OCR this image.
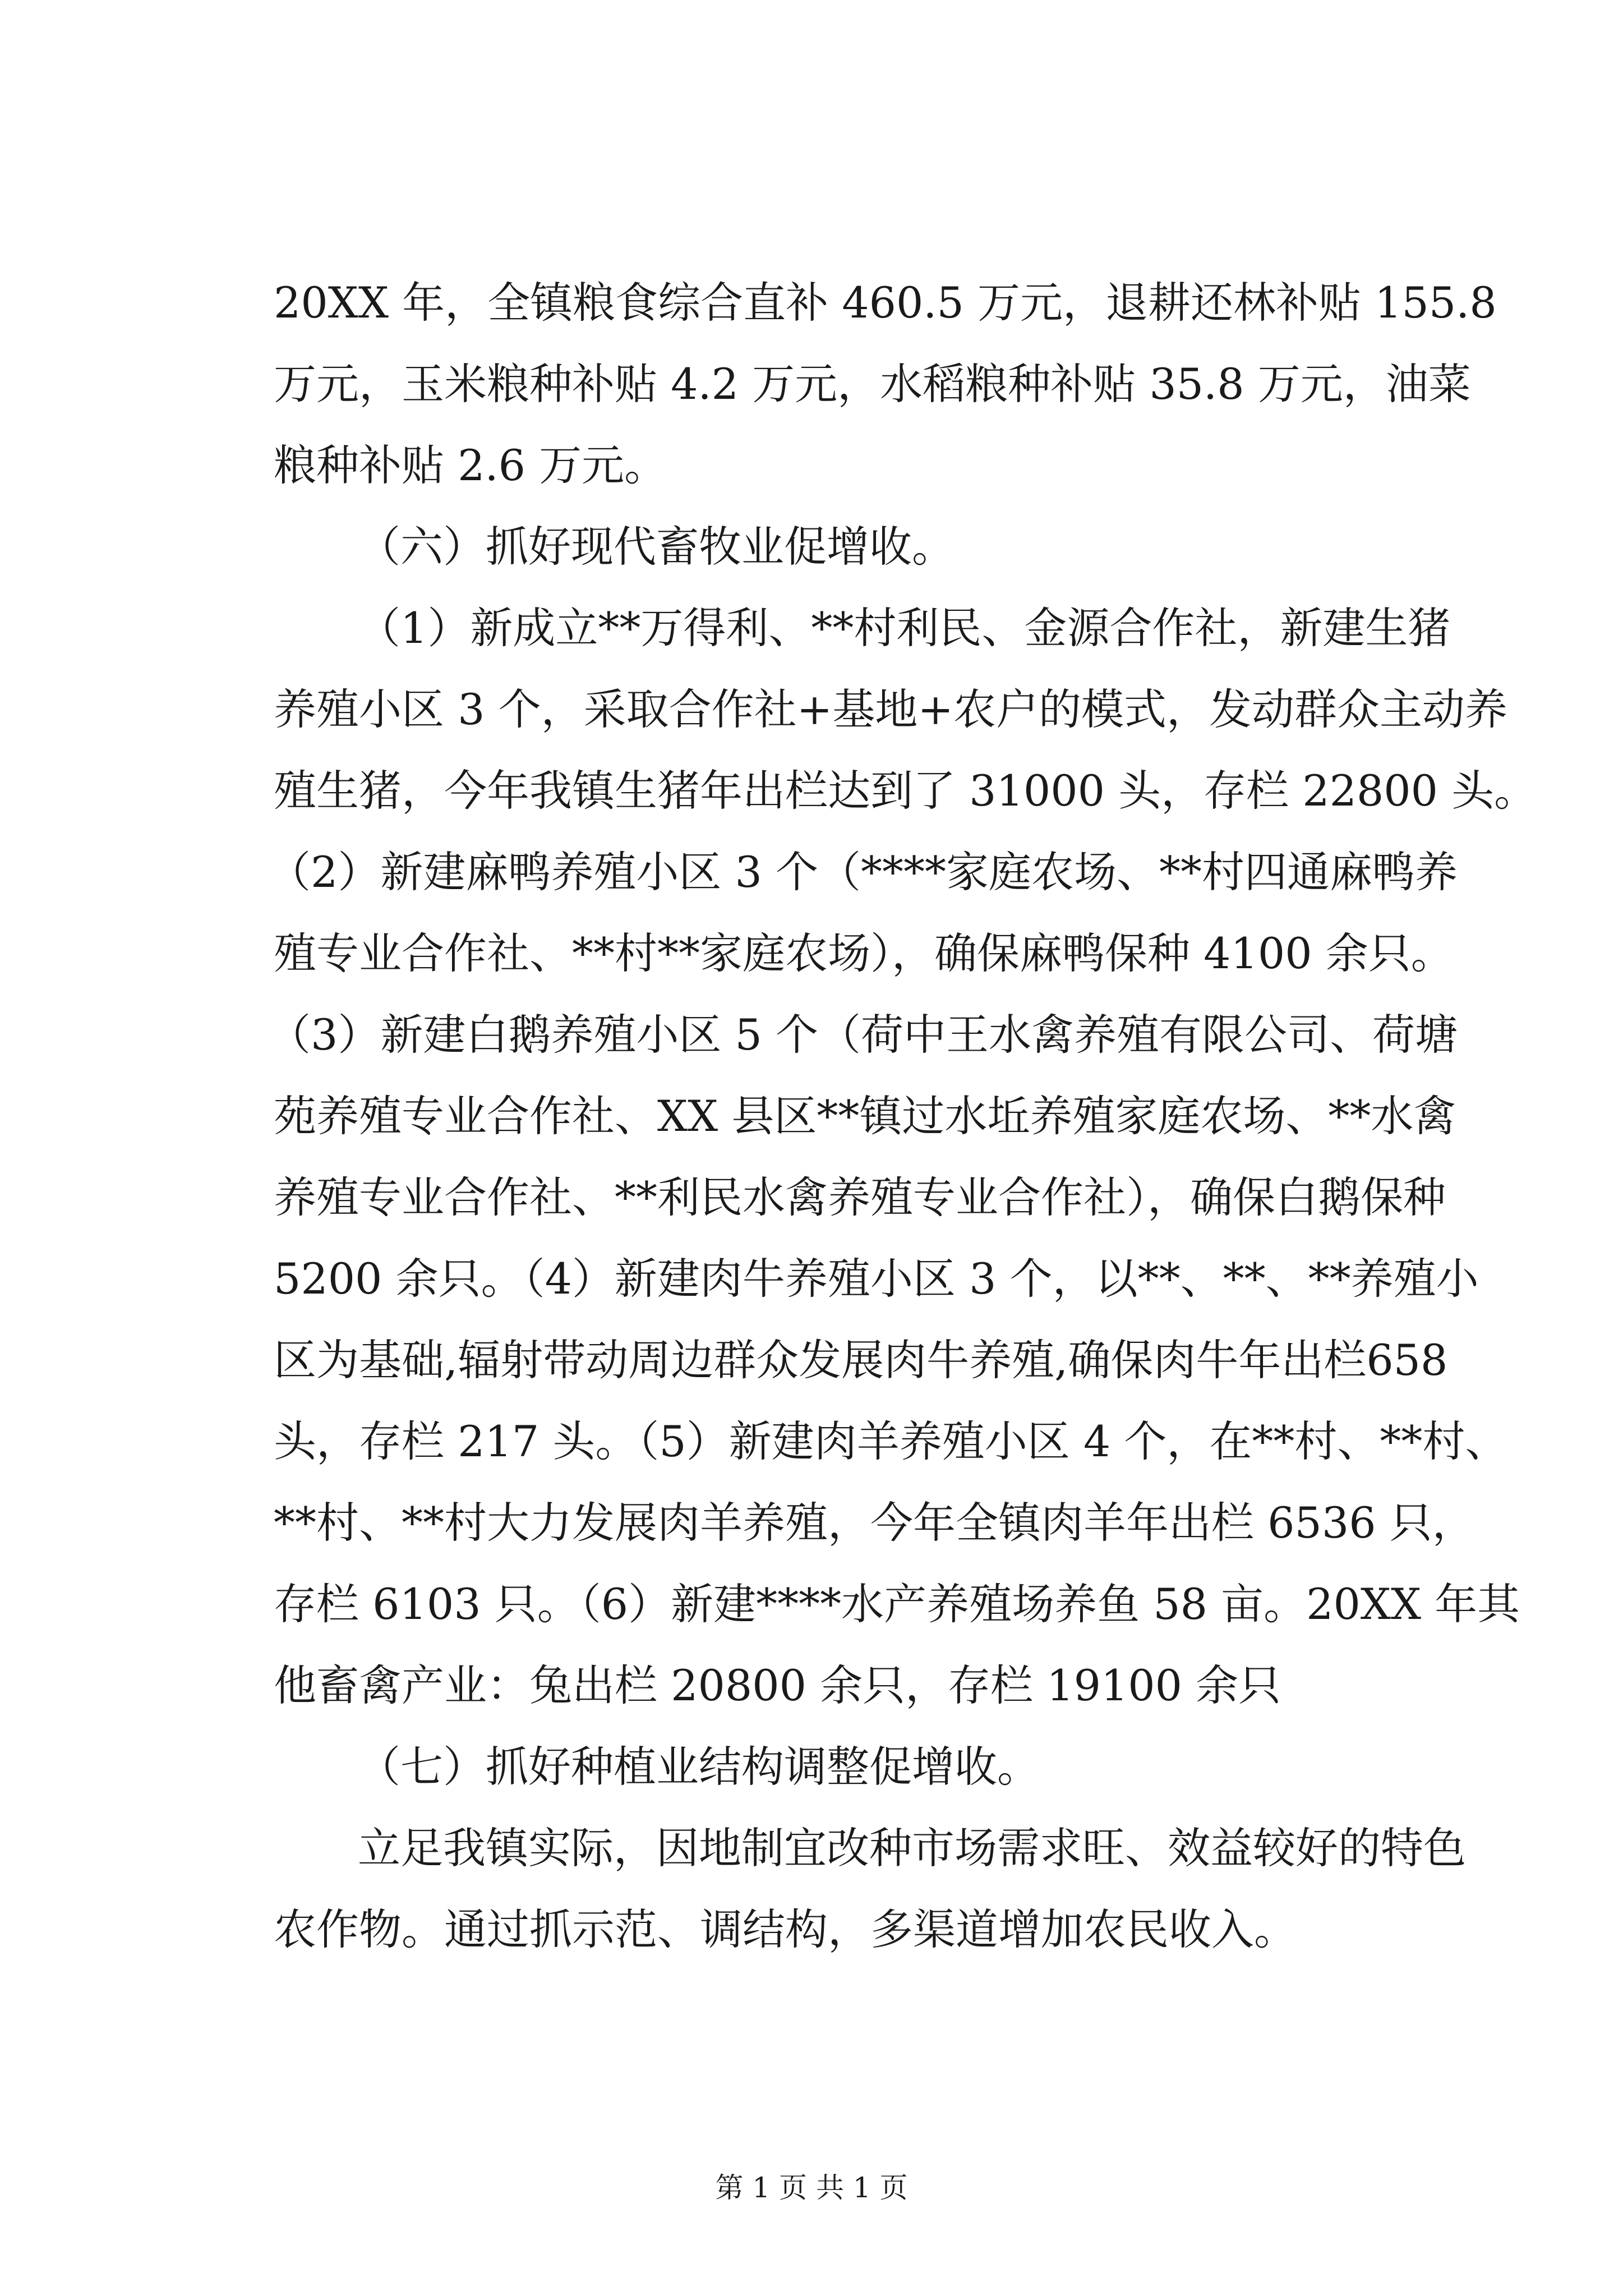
20XX 年，全镇粮食综合直补 460.5 万元，退耕还林补贴 155.8
万元，玉米粮种补贴 4.2 万元，水稻粮种补贴 35.8 万元，油菜
粮种补贴 2.6 万元。
（六）抓好现代畜牧业促增收。
（1）新成立**万得利、**村利民、金源合作社，新建生猪
养殖小区 3 个，采取合作社+基地+农户的模式，发动群众主动养
殖生猪，今年我镇生猪年出栏达到了 31000 头，存栏 22800 头。
（2）新建麻鸭养殖小区 3 个（****家庭农场、**村四通麻鸭养
殖专业合作社、**村**家庭农场），确保麻鸭保种 4100 余只。
（3）新建白鹅养殖小区 5 个（荷中王水禽养殖有限公司、荷塘
苑养殖专业合作社、XX 县区**镇过水坵养殖家庭农场、**水禽
养殖专业合作社、**利民水禽养殖专业合作社），确保白鹅保种
5200 余只。（4）新建肉牛养殖小区 3 个，以**、**、**养殖小
区为基础,辐射带动周边群众发展肉牛养殖,确保肉牛年出栏658
头，存栏 217 头。（5）新建肉羊养殖小区 4 个，在**村、**村、
**村、**村大力发展肉羊养殖，今年全镇肉羊年出栏 6536 只，
存栏 6103 只。（6）新建****水产养殖场养鱼 58 亩。20XX 年其
他畜禽产业：兔出栏 20800 余只，存栏 19100 余只
（七）抓好种植业结构调整促增收。
立足我镇实际，因地制宜改种市场需求旺、效益较好的特色
农作物。通过抓示范、调结构，多渠道增加农民收入。
第 1 页 共 1 页
